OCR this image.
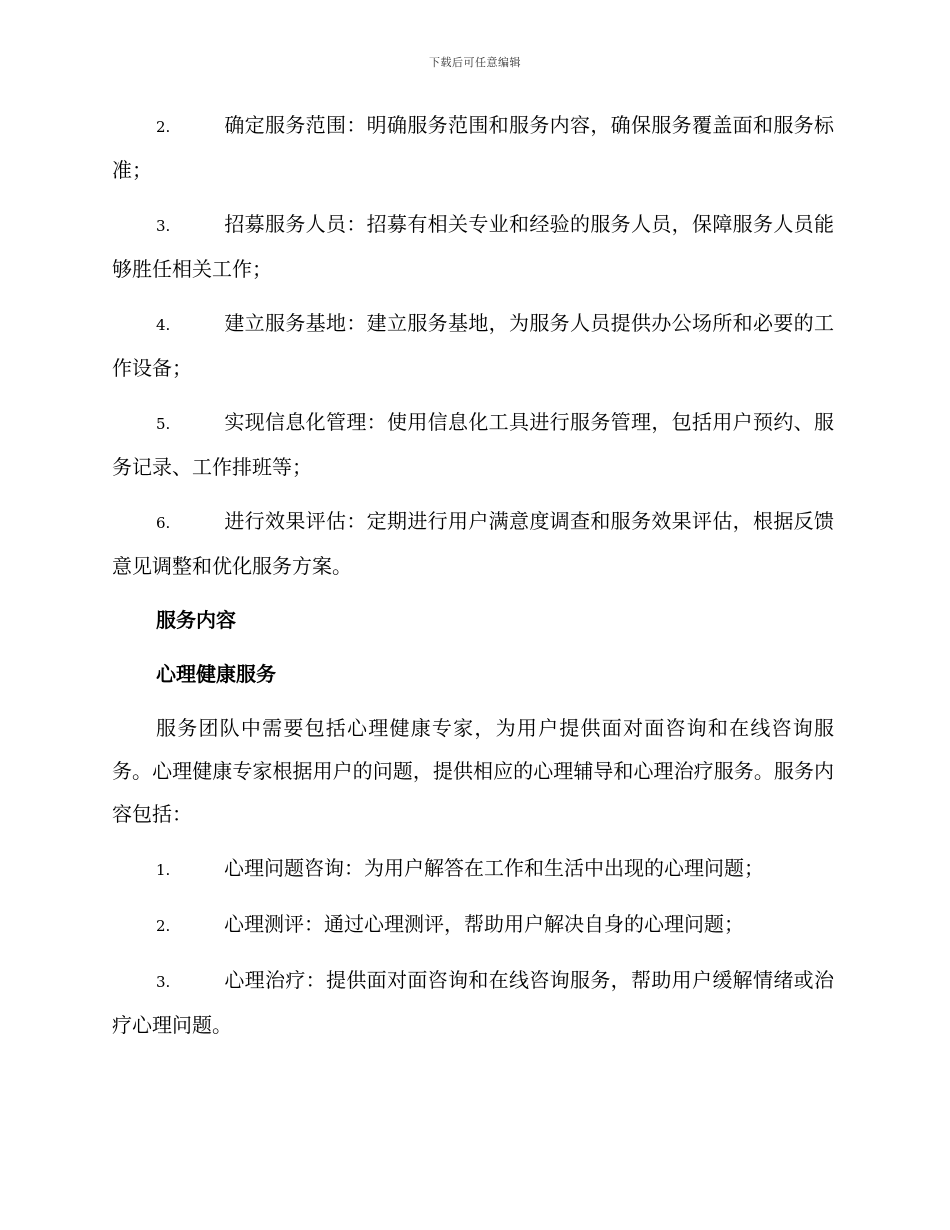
下载后可任意编辑

2.	确定服务范围：明确服务范围和服务内容，确保服务覆盖面和服务标准；

3.	招募服务人员：招募有相关专业和经验的服务人员，保障服务人员能够胜任相关工作；

4.	建立服务基地：建立服务基地，为服务人员提供办公场所和必要的工作设备；

5.	实现信息化管理：使用信息化工具进行服务管理，包括用户预约、服务记录、工作排班等；

6.	进行效果评估：定期进行用户满意度调查和服务效果评估，根据反馈意见调整和优化服务方案。

服务内容

心理健康服务

服务团队中需要包括心理健康专家，为用户提供面对面咨询和在线咨询服务。心理健康专家根据用户的问题，提供相应的心理辅导和心理治疗服务。服务内容包括：

1.	心理问题咨询：为用户解答在工作和生活中出现的心理问题；

2.	心理测评：通过心理测评，帮助用户解决自身的心理问题；

3.	心理治疗：提供面对面咨询和在线咨询服务，帮助用户缓解情绪或治疗心理问题。
